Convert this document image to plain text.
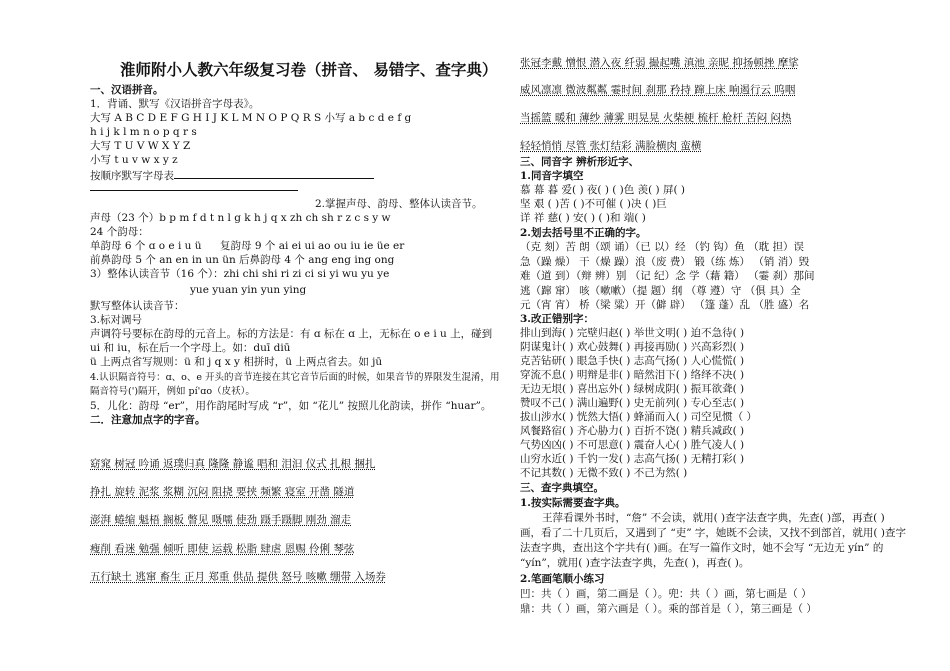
淮师附小人教六年级复习卷（拼音、 易错字、查字典）
一、汉语拼音。
1．背诵、默写《汉语拼音字母表》。
大写 A B C D E F G H I J K L M N O P Q R S 小写 a b c d e f g
h i j k l m n o p q r s
大写 T U V W X Y Z
小写 t u v w x y z
按顺序默写字母表
2.掌握声母、韵母、整体认读音节。
声母（23 个）b p m f d t n l g k h j q x zh ch sh r z c s y w
24 个韵母：
单韵母 6 个 ɑ o e i u ü 复韵母 9 个 ai ei ui ao ou iu ie üe er
前鼻韵母 5 个 an en in un ün 后鼻韵母 4 个 ang eng ing ong
3）整体认读音节（16 个）：zhi chi shi ri zi ci si yi wu yu ye
yue yuan yin yun ying
默写整体认读音节：
3.标对调号
声调符号要标在韵母的元音上。标的方法是：有 ɑ 标在 ɑ 上，无标在 o e i u 上，碰到
ui 和 iu，标在后一个字母上。如：duī diū
ü 上两点省写规则：ü 和 j q x y 相拼时，ü 上两点省去。如 jū
4.认识隔音符号：ɑ、o、e 开头的音节连接在其它音节后面的时候，如果音节的界限发生混淆，用
隔音符号(')隔开，例如 pí'ɑo（皮袄）。
5．儿化：韵母 “er”，用作韵尾时写成 “r”，如 “花儿” 按照儿化韵读，拼作 “huar”。
二．注意加点字的字音。
窈窕 树冠 吟诵 返璞归真 隆隆 静谧 唱和 泪汩 仪式 扎根 捆扎
挣扎 旋转 泥浆 浆糊 沉闷 阻挠 要挟 频繁 寝室 开凿 隧道
澎湃 蜷缩 魁梧 搁板 瞥见 嗫嚅 使劲 蹑手蹑脚 刚劲 溜走
瘦削 看迷 勉强 倾听 即使 运载 松脂 肆虐 恩赐 伶俐 琴弦
五行缺土 逃窜 畜生 正月 郑重 供品 提供 怒号 咳嗽 绷带 入场券
张冠李戴 憎恨 潜入夜 纤弱 撮起嘴 滇池 亲昵 抑扬顿挫 摩挲
威风凛凛 微波粼粼 霎时间 刹那 矜持 蹿上床 响遏行云 呜咽
当摇篮 暖和 薄纱 薄雾 明晃晃 火柴梗 梳杆 枪杆 苦闷 闷热
轻轻悄悄 尽管 张灯结彩 满脸横肉 蛮横
三、同音字 辨析形近字、
1.同音字填空
慕 幕 暮 爱( ) 夜( ) ( )色 羡( ) 屏( )
坚 艰 ( )苦 ( )不可催 ( )决 ( )巨
详 祥 慈( ) 安( ) ( )和 端( )
2.划去括号里不正确的字。
（克 刻）苦 朗（颂 诵）（已 以）经 （钓 钩）鱼 （耽 担）误
急（躁 燥） 干（燥 躁）浪（废 费） 锻（练 炼） （销 消）毁
难（道 到）（辩 辨）别 （记 纪）念 学（藉 籍） （霎 刹）那间
逃（蹿 窜） 咳（嗽嗽）（提 题）纲 （尊 遵）守 （俱 具）全
元（宵 宵） 桥（梁 粱）开（僻 辟） （篷 蓬）乱 （胜 盛）名
3.改正错别字：
排山到海( ) 完壁归赵( ) 举世文明( ) 迫不急待( )
阴谋鬼计( ) 欢心鼓舞( ) 再接再励( ) 兴高彩烈( )
克苦钻研( ) 眼急手快( ) 志高气扬( ) 人心慌慌( )
穿流不息( ) 明辩是非( ) 暗然泪下( ) 络绎不决( )
无边无垠( ) 喜出忘外( ) 绿树成阴( ) 振耳欲聋( )
赞叹不己( ) 满山遍野( ) 史无前列( ) 专心至志( )
拔山涉水( ) 恍然大悟( ) 蜂涌而入( ) 司空见惯（ ）
风餐路宿( ) 齐心胁力( ) 百折不饶( ) 精兵减政( )
气势凶凶( ) 不可思意( ) 震奋人心( ) 胜气凌人( )
山穷水近( ) 千钓一发( ) 志高气扬( ) 无精打彩( )
不记其数( ) 无微不致( ) 不己为然( )
三、查字典填空。
1.按实际需要查字典。
王萍看课外书时，“詹” 不会读，就用( )查字法查字典，先查( )部，再查( )
画，看了二十几页后，又遇到了 “吏” 字，她既不会读，又找不到部首，就用( )查字
法查字典，查出这个字共有( )画。在写一篇作文时，她不会写 “无边无 yín” 的
“yín”，就用( )查字法查字典，先查( )，再查( )。
2.笔画笔顺小练习
凹：共（ ）画，第二画是（ ）。兜：共（ ）画，第七画是（ ）
鼎：共（ ）画，第六画是（ ）。乘的部首是（ ），第三画是（ ）
